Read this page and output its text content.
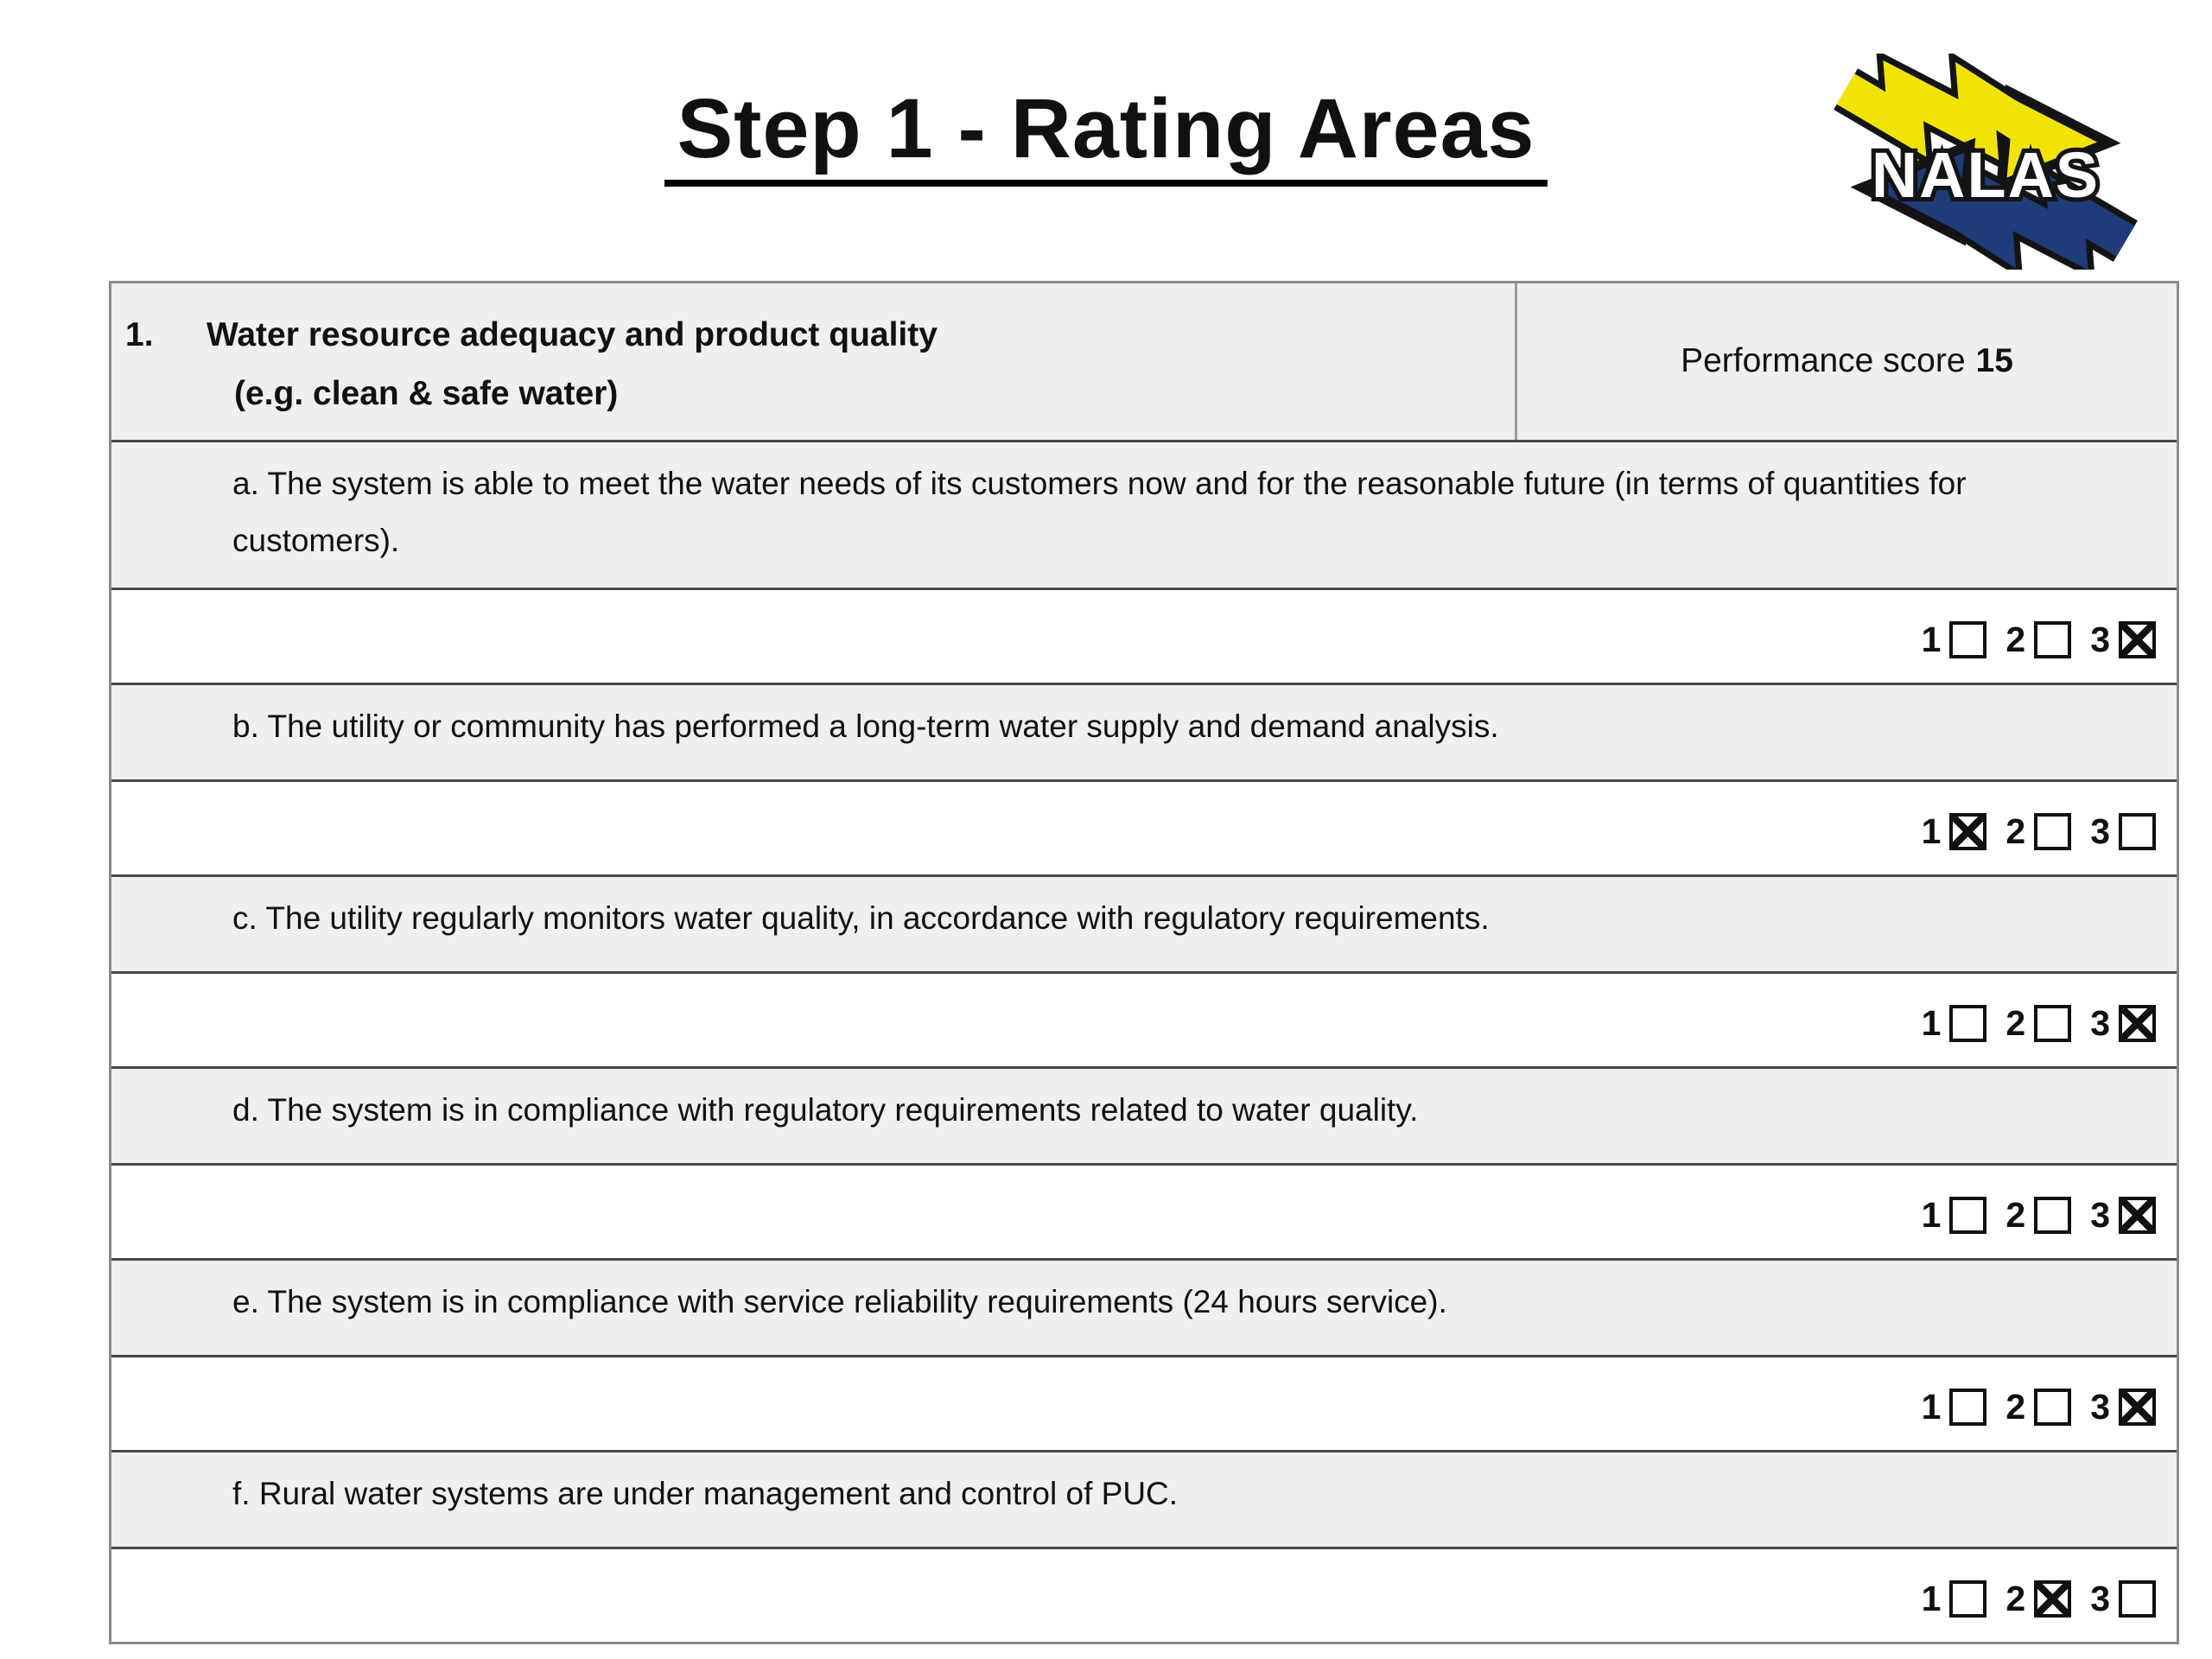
Step 1 - Rating Areas	NALAS
1.	Water resource adequacy and product quality
(e.g. clean & safe water)
Performance score 15
a. The system is able to meet the water needs of its customers now and for the reasonable future (in terms of quantities for customers).
1 2 3
b. The utility or community has performed a long-term water supply and demand analysis.
1 2 3
c. The utility regularly monitors water quality, in accordance with regulatory requirements.
1 2 3
d. The system is in compliance with regulatory requirements related to water quality.
1 2 3
e. The system is in compliance with service reliability requirements (24 hours service).
1 2 3
f. Rural water systems are under management and control of PUC.
1 2 3
